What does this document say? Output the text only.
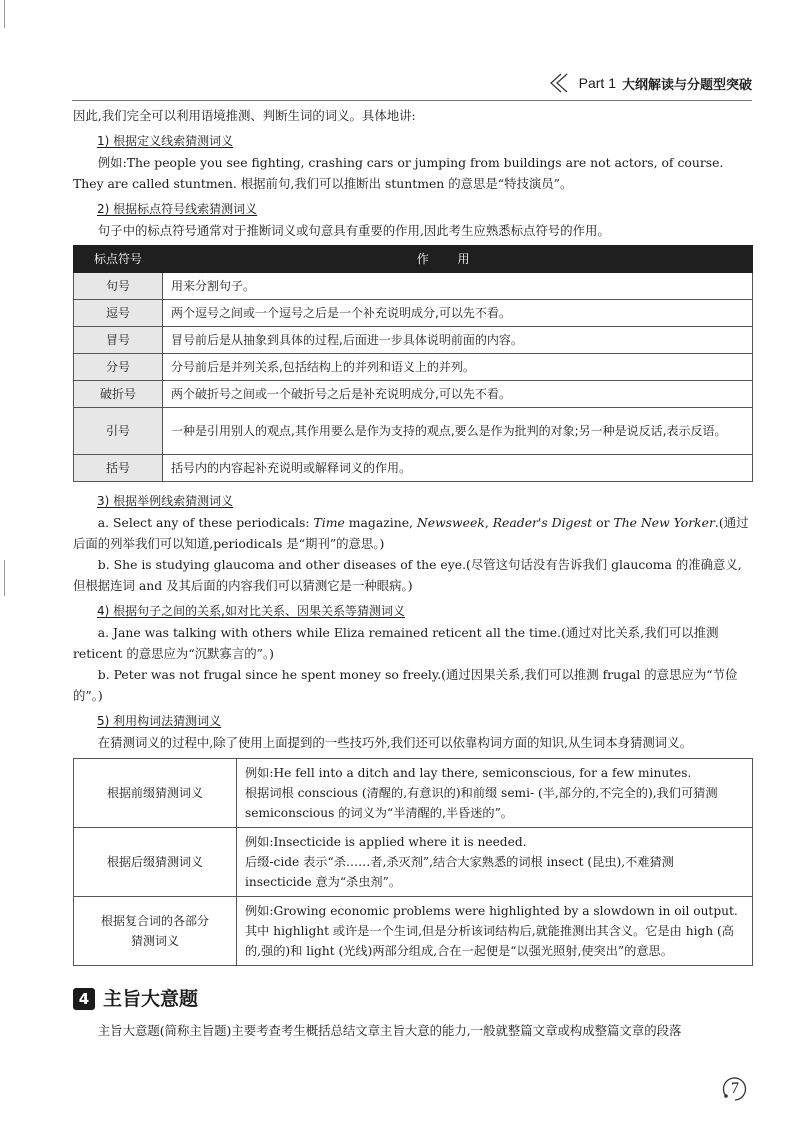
Part 1 大纲解读与分题型突破

因此,我们完全可以利用语境推测、判断生词的词义。具体地讲:

1) 根据定义线索猜测词义

例如:The people you see fighting, crashing cars or jumping from buildings are not actors, of course. They are called stuntmen. 根据前句,我们可以推断出 stuntmen 的意思是“特技演员”。

2) 根据标点符号线索猜测词义

句子中的标点符号通常对于推断词义或句意具有重要的作用,因此考生应熟悉标点符号的作用。

标点符号	作用
句号	用来分割句子。
逗号	两个逗号之间或一个逗号之后是一个补充说明成分,可以先不看。
冒号	冒号前后是从抽象到具体的过程,后面进一步具体说明前面的内容。
分号	分号前后是并列关系,包括结构上的并列和语义上的并列。
破折号	两个破折号之间或一个破折号之后是补充说明成分,可以先不看。
引号	一种是引用别人的观点,其作用要么是作为支持的观点,要么是作为批判的对象;另一种是说反话,表示反语。
括号	括号内的内容起补充说明或解释词义的作用。

3) 根据举例线索猜测词义

a. Select any of these periodicals: Time magazine, Newsweek, Reader's Digest or The New Yorker.(通过后面的列举我们可以知道,periodicals 是“期刊”的意思。)

b. She is studying glaucoma and other diseases of the eye.(尽管这句话没有告诉我们 glaucoma 的准确意义,但根据连词 and 及其后面的内容我们可以猜测它是一种眼病。)

4) 根据句子之间的关系,如对比关系、因果关系等猜测词义

a. Jane was talking with others while Eliza remained reticent all the time.(通过对比关系,我们可以推测 reticent 的意思应为“沉默寡言的”。)

b. Peter was not frugal since he spent money so freely.(通过因果关系,我们可以推测 frugal 的意思应为“节俭的”。)

5) 利用构词法猜测词义

在猜测词义的过程中,除了使用上面提到的一些技巧外,我们还可以依靠构词方面的知识,从生词本身猜测词义。

根据前缀猜测词义	例如:He fell into a ditch and lay there, semiconscious, for a few minutes.
根据词根 conscious (清醒的,有意识的)和前缀 semi- (半,部分的,不完全的),我们可猜测 semiconscious 的词义为“半清醒的,半昏迷的”。

根据后缀猜测词义	例如:Insecticide is applied where it is needed.
后缀-cide 表示“杀……者,杀灭剂”,结合大家熟悉的词根 insect (昆虫),不难猜测 insecticide 意为“杀虫剂”。

根据复合词的各部分猜测词义	例如:Growing economic problems were highlighted by a slowdown in oil output.
其中 highlight 或许是一个生词,但是分析该词结构后,就能推测出其含义。它是由 high (高的,强的)和 light (光线)两部分组成,合在一起便是“以强光照射,使突出”的意思。
4 主旨大意题

主旨大意题(简称主旨题)主要考查考生概括总结文章主旨大意的能力,一般就整篇文章或构成整篇文章的段落

7
